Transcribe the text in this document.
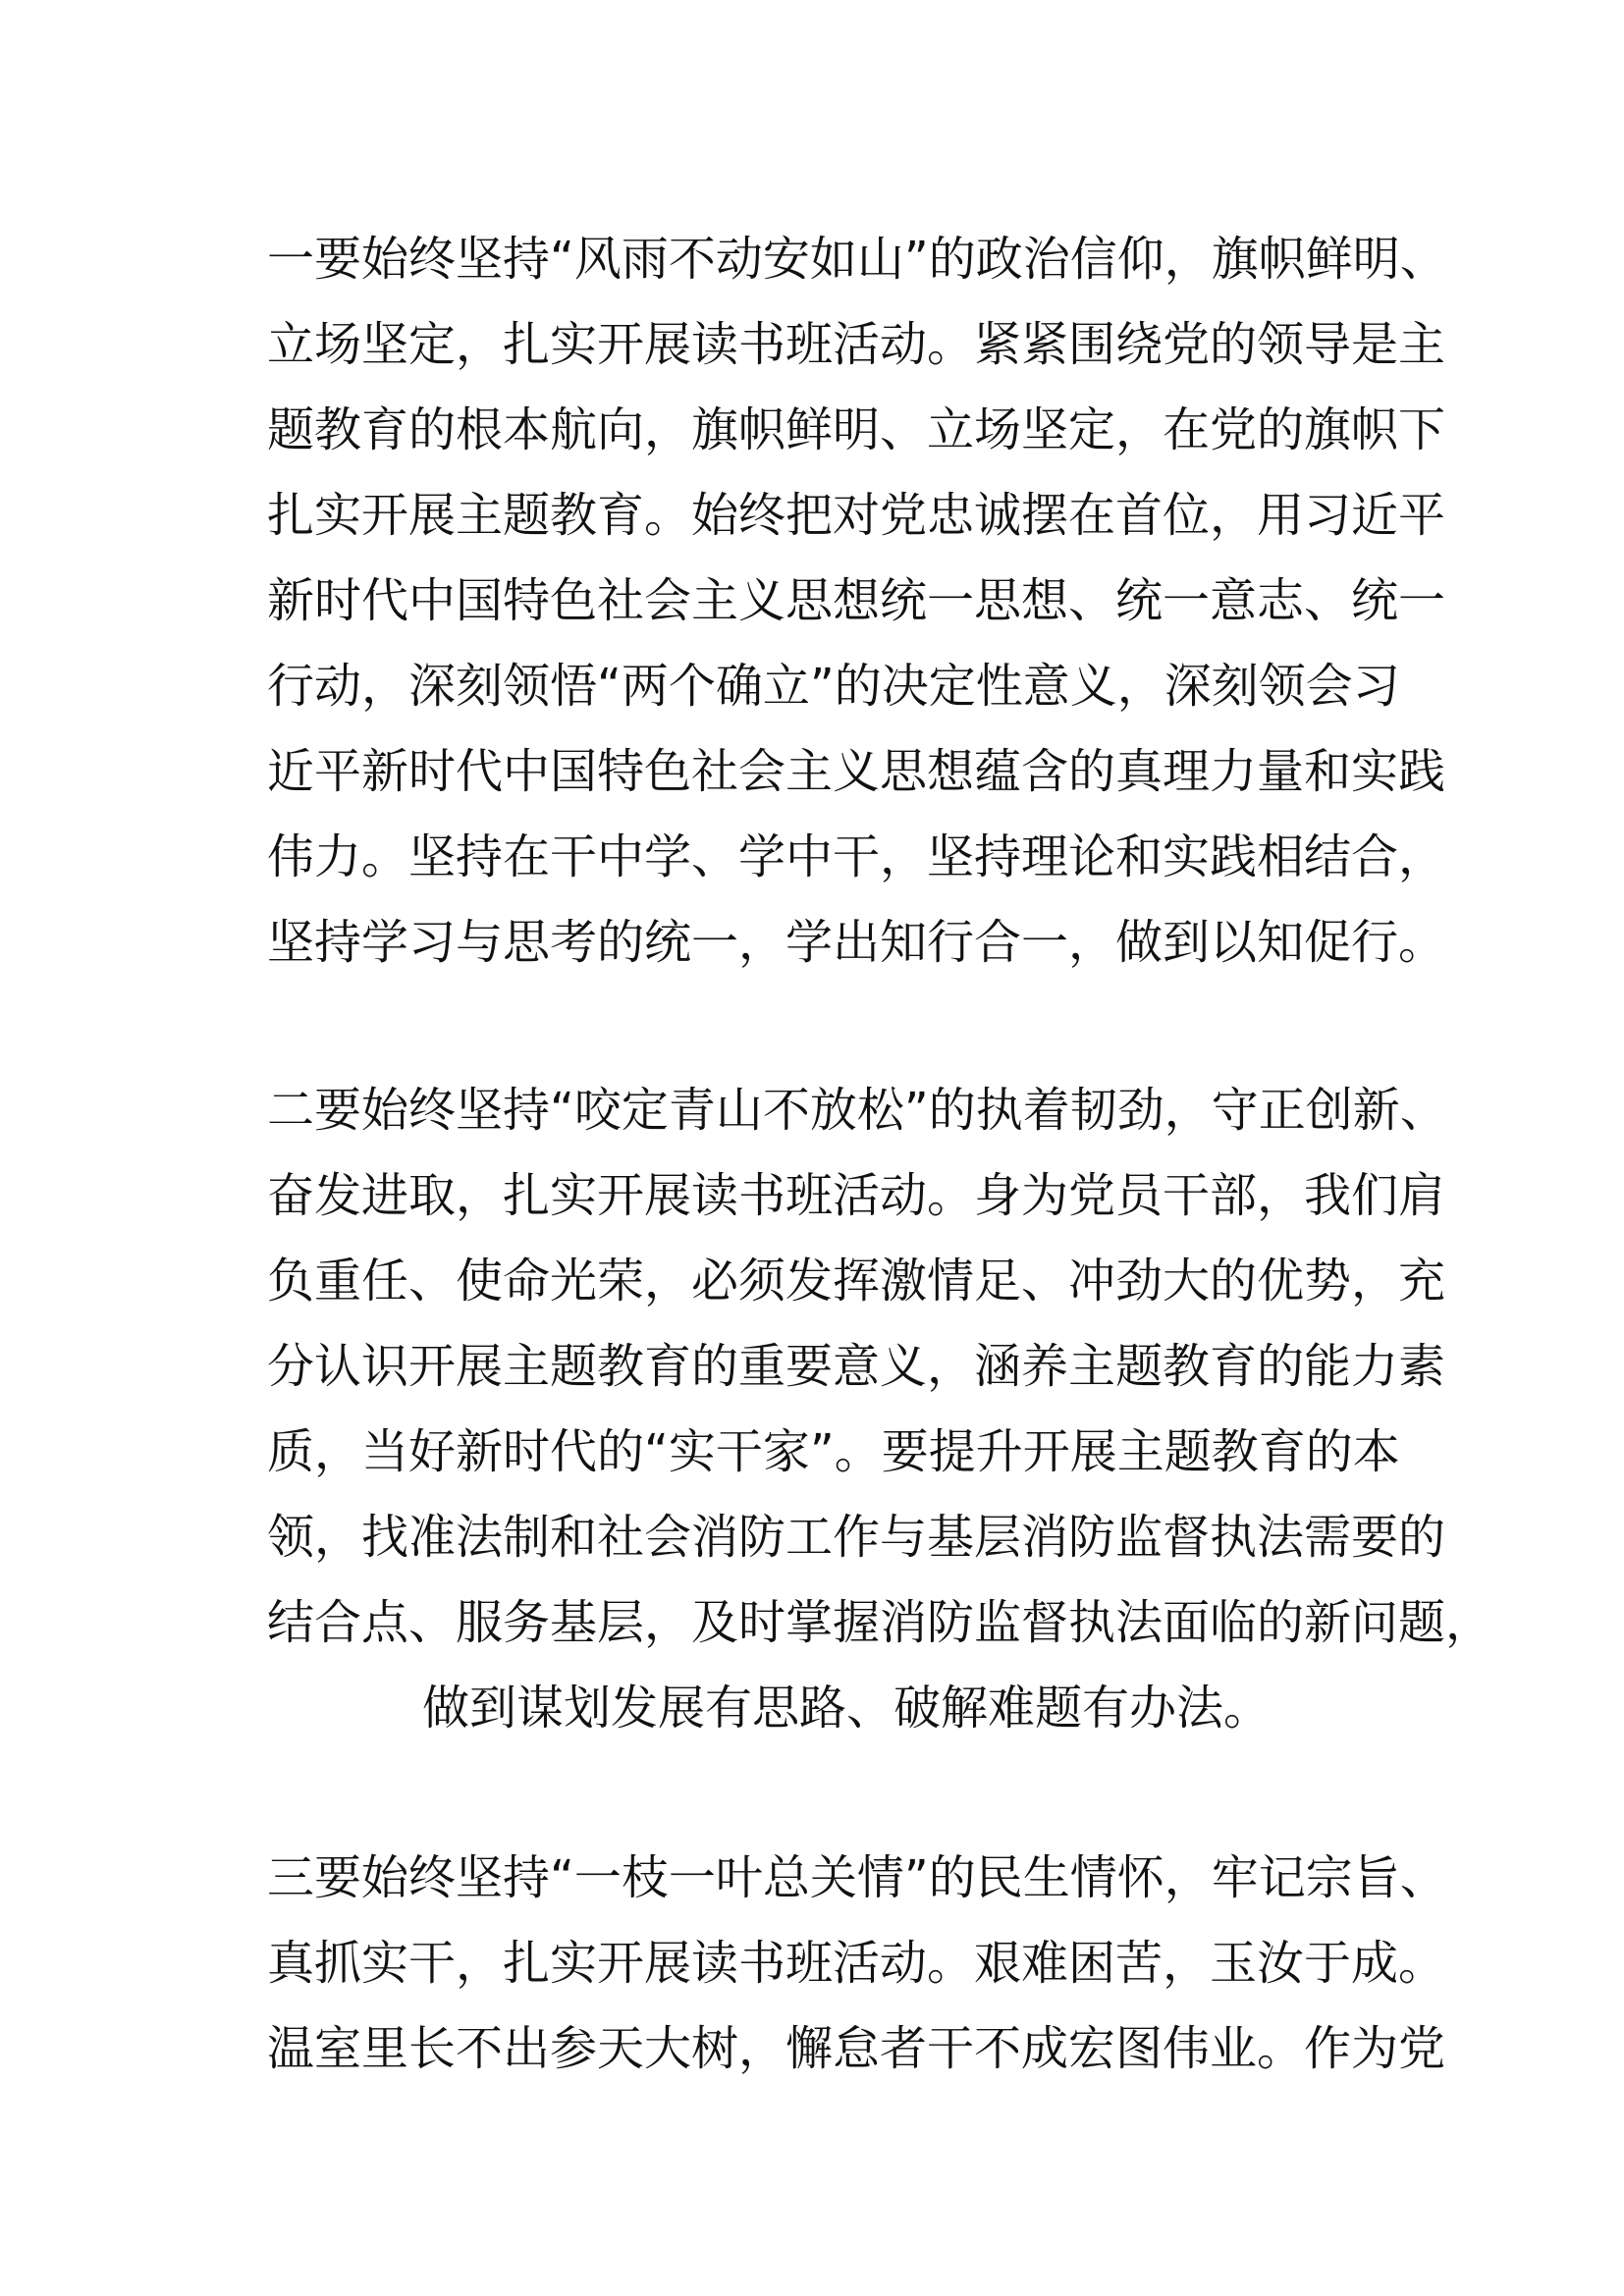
一要始终坚持“风雨不动安如山”的政治信仰，旗帜鲜明、
立场坚定，扎实开展读书班活动。紧紧围绕党的领导是主
题教育的根本航向，旗帜鲜明、立场坚定，在党的旗帜下
扎实开展主题教育。始终把对党忠诚摆在首位，用习近平
新时代中国特色社会主义思想统一思想、统一意志、统一
行动，深刻领悟“两个确立”的决定性意义，深刻领会习
近平新时代中国特色社会主义思想蕴含的真理力量和实践
伟力。坚持在干中学、学中干，坚持理论和实践相结合，
坚持学习与思考的统一，学出知行合一，做到以知促行。
二要始终坚持“咬定青山不放松”的执着韧劲，守正创新、
奋发进取，扎实开展读书班活动。身为党员干部，我们肩
负重任、使命光荣，必须发挥激情足、冲劲大的优势，充
分认识开展主题教育的重要意义，涵养主题教育的能力素
质，当好新时代的“实干家”。要提升开展主题教育的本
领，找准法制和社会消防工作与基层消防监督执法需要的
结合点、服务基层，及时掌握消防监督执法面临的新问题，
做到谋划发展有思路、破解难题有办法。
三要始终坚持“一枝一叶总关情”的民生情怀，牢记宗旨、
真抓实干，扎实开展读书班活动。艰难困苦，玉汝于成。
温室里长不出参天大树，懈怠者干不成宏图伟业。作为党
